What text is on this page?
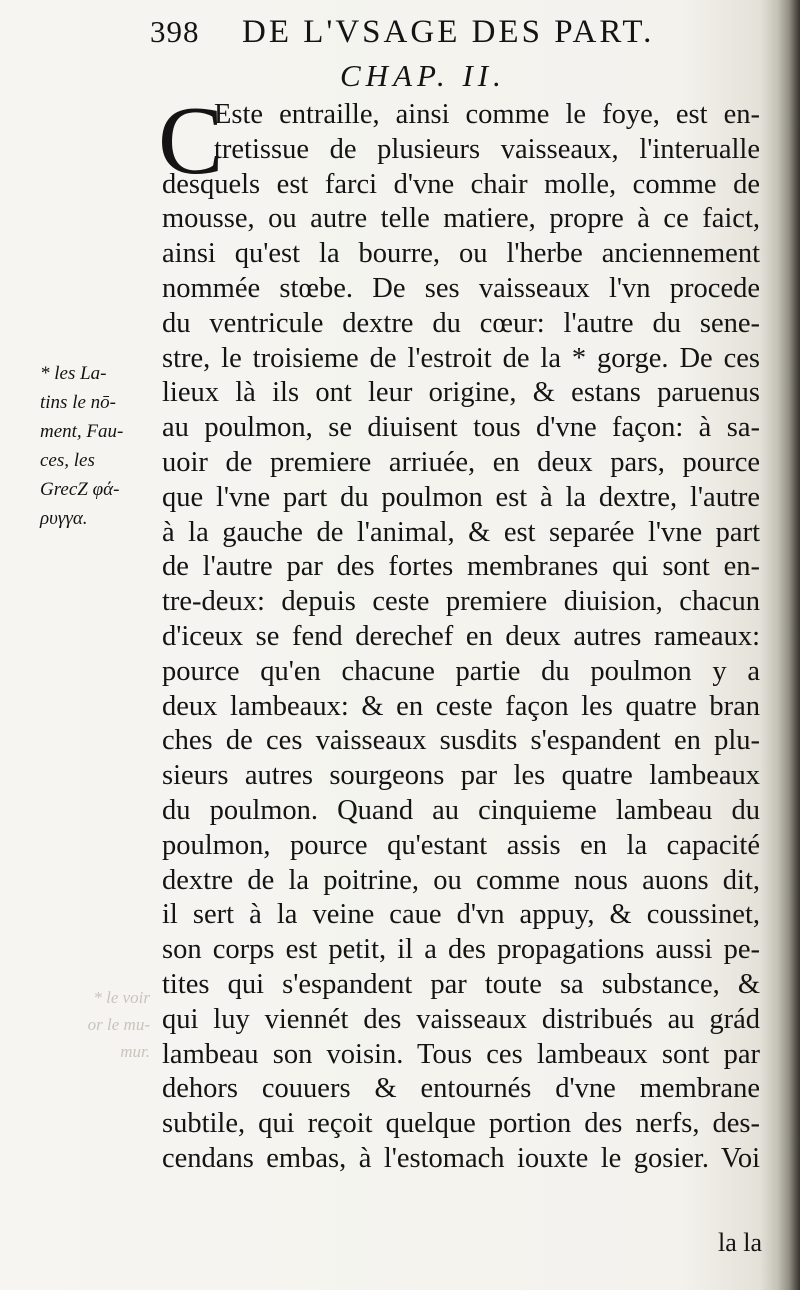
398 DE L'VSAGE DES PART.
CHAP. II.
C
Este entraille, ainsi comme le foye, est en-
tretissue de plusieurs vaisseaux, l'interualle
desquels est farci d'vne chair molle, comme de
mousse, ou autre telle matiere, propre à ce faict,
ainsi qu'est la bourre, ou l'herbe anciennement
nommée stœbe. De ses vaisseaux l'vn procede
du ventricule dextre du cœur: l'autre du sene-
stre, le troisieme de l'estroit de la * gorge. De ces
lieux là ils ont leur origine, & estans paruenus
au poulmon, se diuisent tous d'vne façon: à sa-
uoir de premiere arriuée, en deux pars, pource
que l'vne part du poulmon est à la dextre, l'autre
à la gauche de l'animal, & est separée l'vne part
de l'autre par des fortes membranes qui sont en-
tre-deux: depuis ceste premiere diuision, chacun
d'iceux se fend derechef en deux autres rameaux:
pource qu'en chacune partie du poulmon y a
deux lambeaux: & en ceste façon les quatre bran
ches de ces vaisseaux susdits s'espandent en plu-
sieurs autres sourgeons par les quatre lambeaux
du poulmon. Quand au cinquieme lambeau du
poulmon, pource qu'estant assis en la capacité
dextre de la poitrine, ou comme nous auons dit,
il sert à la veine caue d'vn appuy, & coussinet,
son corps est petit, il a des propagations aussi pe-
tites qui s'espandent par toute sa substance, &
qui luy viennét des vaisseaux distribués au grád
lambeau son voisin. Tous ces lambeaux sont par
dehors couuers & entournés d'vne membrane
subtile, qui reçoit quelque portion des nerfs, des-
cendans embas, à l'estomach iouxte le gosier. Voi
* les La-
tins le nō-
ment, Fau-
ces, les
GrecZ φά-
ρυγγα.
* le voir
or le mu-
mur.
la la
